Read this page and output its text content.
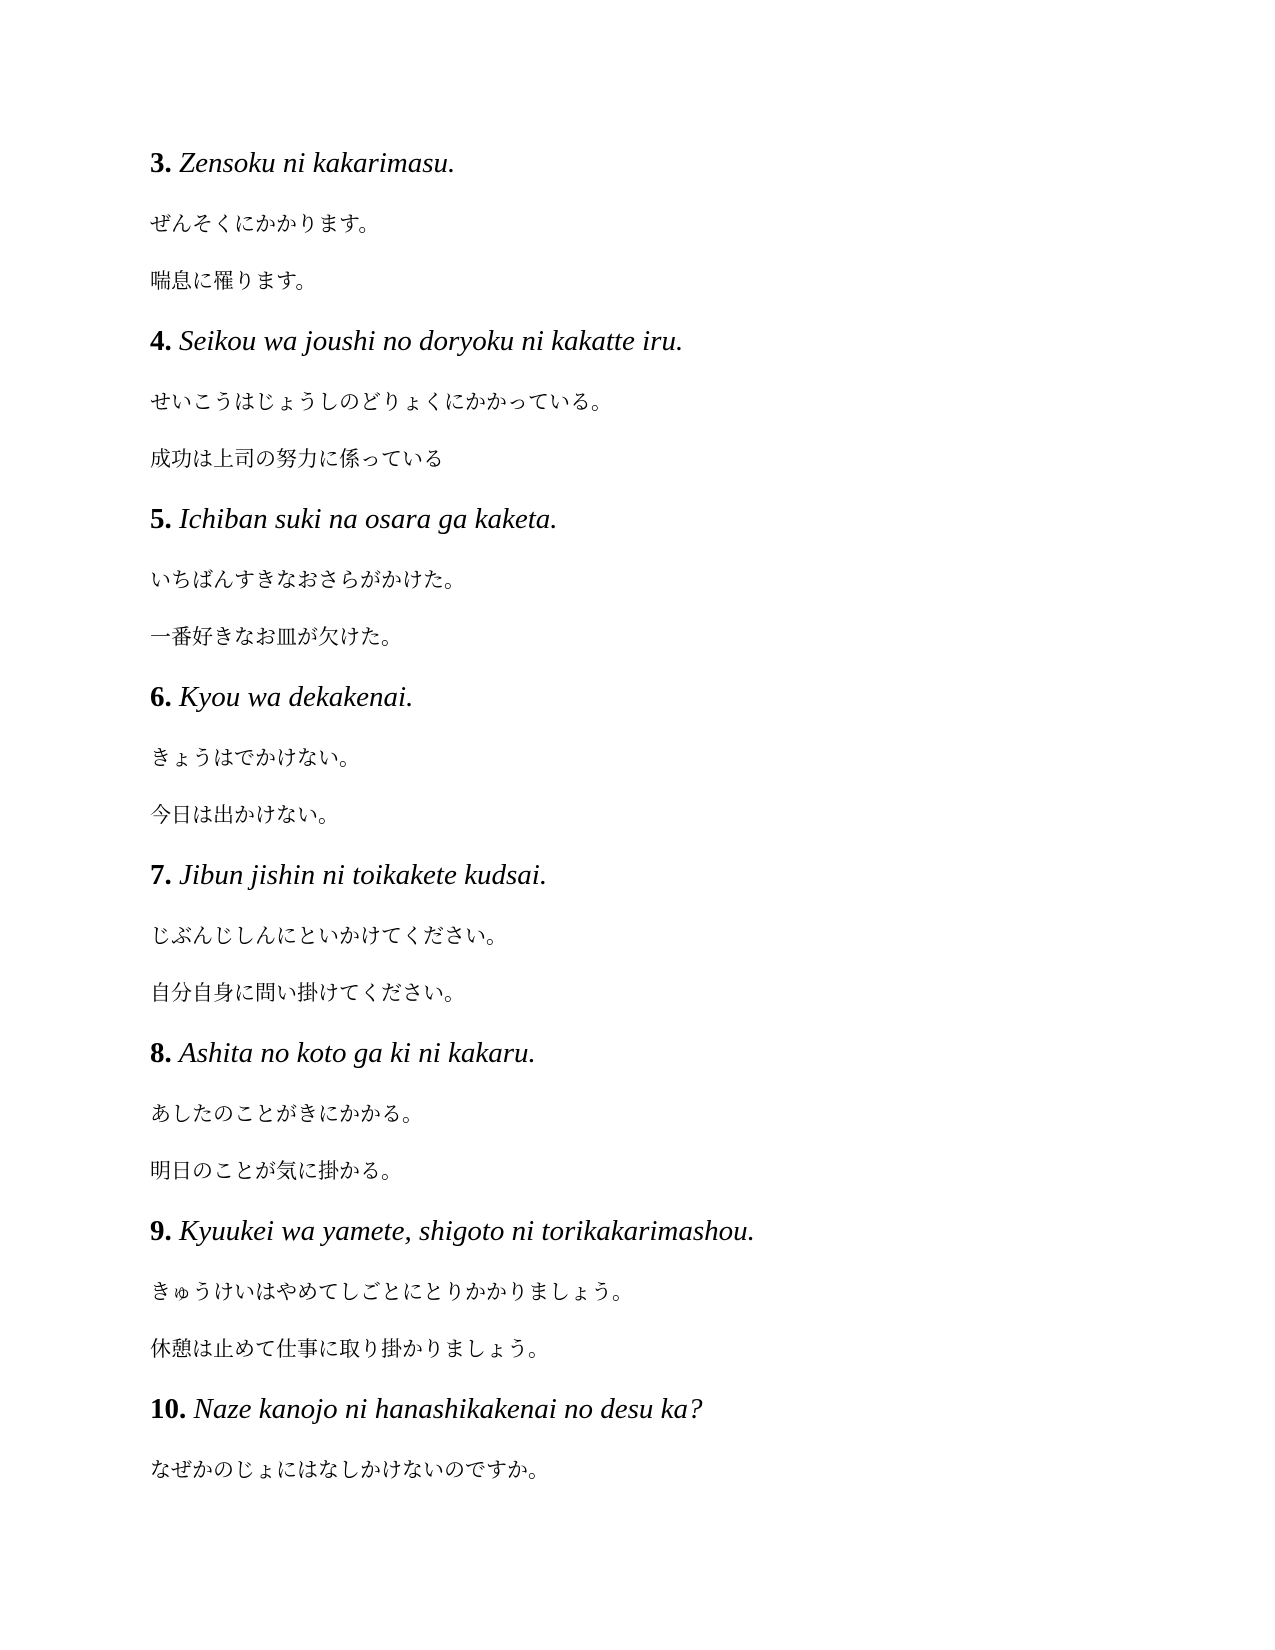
3. Zensoku ni kakarimasu.
ぜんそくにかかります。
喘息に罹ります。
4. Seikou wa joushi no doryoku ni kakatte iru.
せいこうはじょうしのどりょくにかかっている。
成功は上司の努力に係っている
5. Ichiban suki na osara ga kaketa.
いちばんすきなおさらがかけた。
一番好きなお皿が欠けた。
6. Kyou wa dekakenai.
きょうはでかけない。
今日は出かけない。
7. Jibun jishin ni toikakete kudsai.
じぶんじしんにといかけてください。
自分自身に問い掛けてください。
8. Ashita no koto ga ki ni kakaru.
あしたのことがきにかかる。
明日のことが気に掛かる。
9. Kyuukei wa yamete, shigoto ni torikakarimashou.
きゅうけいはやめてしごとにとりかかりましょう。
休憩は止めて仕事に取り掛かりましょう。
10. Naze kanojo ni hanashikakenai no desu ka?
なぜかのじょにはなしかけないのですか。
